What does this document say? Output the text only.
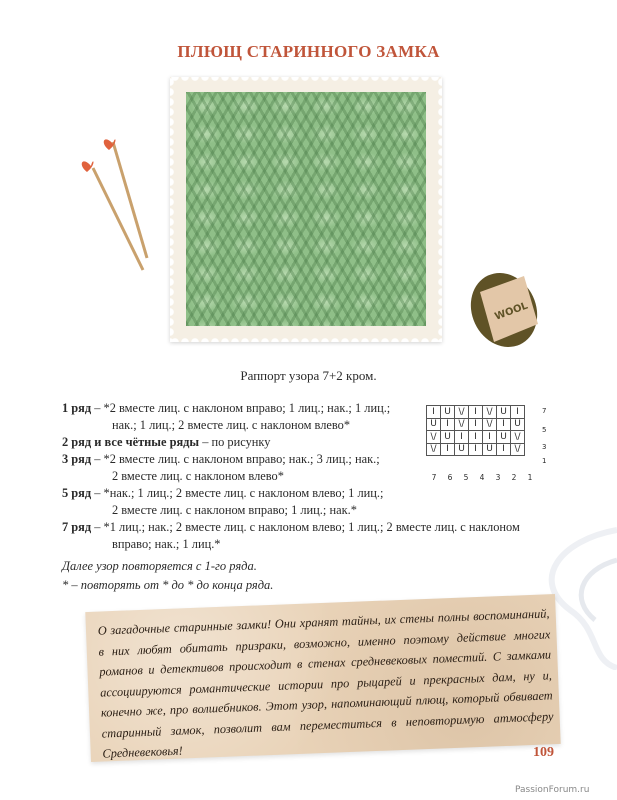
ПЛЮЩ СТАРИННОГО ЗАМКА
WOOL
Раппорт узора 7+2 кром.

1 ряд – *2 вместе лиц. с наклоном вправо; 1 лиц.; нак.; 1 лиц.;
нак.; 1 лиц.; 2 вместе лиц. с наклоном влево*

2 ряд и все чётные ряды – по рисунку

3 ряд – *2 вместе лиц. с наклоном вправо; нак.; 3 лиц.; нак.;
2 вместе лиц. с наклоном влево*

5 ряд – *нак.; 1 лиц.; 2 вместе лиц. с наклоном влево; 1 лиц.;
2 вместе лиц. с наклоном вправо; 1 лиц.; нак.*

7 ряд – *1 лиц.; нак.; 2 вместе лиц. с наклоном влево; 1 лиц.; 2 вместе лиц. с наклоном
вправо; нак.; 1 лиц.*

I	U	\/	I	\/	U	I
U	I	\/	I	\/	I	U
\/	U	I	I	I	U	\/
\/	I	U	I	U	I	\/
7
5
3
1
7 6 5 4 3 2 1
Далее узор повторяется с 1-го ряда.
* – повторять от * до * до конца ряда.
О загадочные старинные замки! Они хранят тайны, их стены полны воспоминаний, в них любят обитать призраки, возможно, именно поэтому действие многих романов и детективов происходит в стенах средневековых поместий. С замками ассоциируются романтические истории про рыцарей и прекрасных дам, ну и, конечно же, про волшебников. Этот узор, напоминающий плющ, который обвивает старинный замок, позволит вам переместиться в неповторимую атмосферу Средневековья!	109
PassionForum.ru
